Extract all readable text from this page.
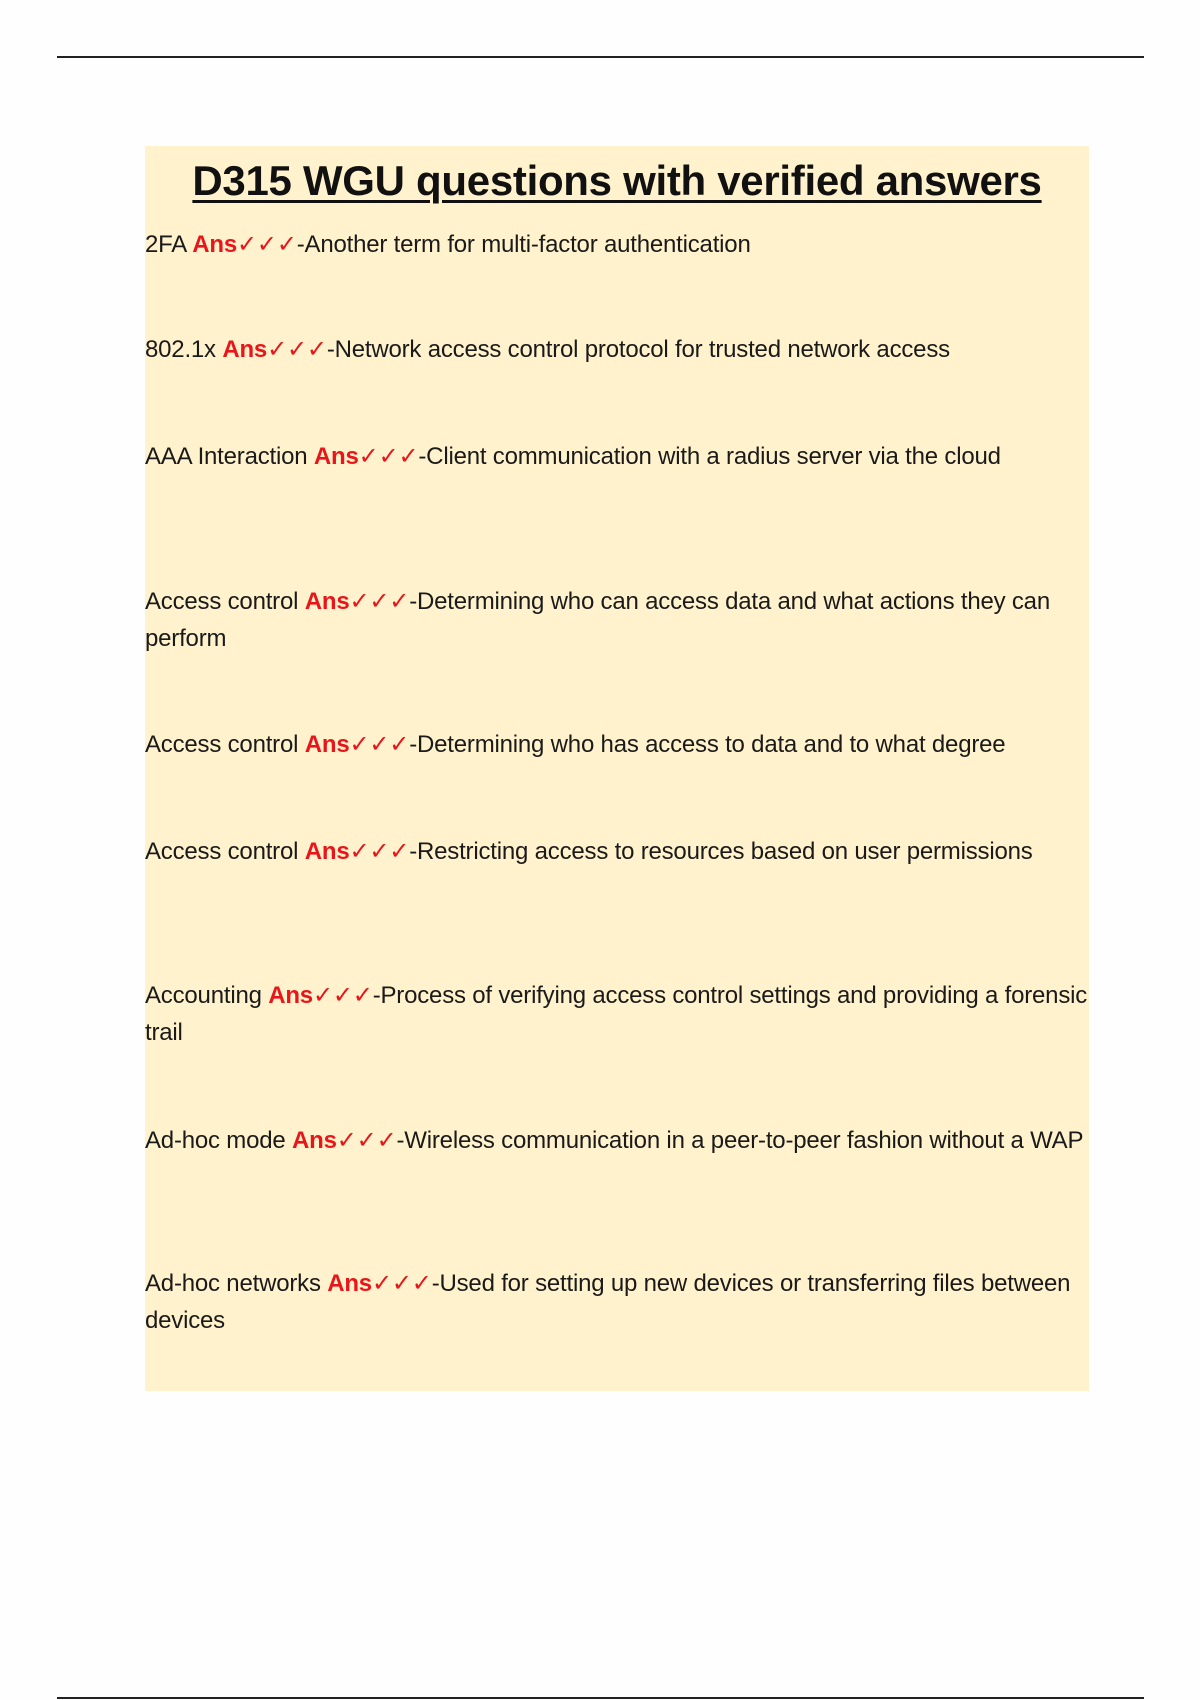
D315 WGU questions with verified answers
2FA Ans✓✓✓-Another term for multi-factor authentication
802.1x Ans✓✓✓-Network access control protocol for trusted network access
AAA Interaction Ans✓✓✓-Client communication with a radius server via the cloud
Access control Ans✓✓✓-Determining who can access data and what actions they can perform
Access control Ans✓✓✓-Determining who has access to data and to what degree
Access control Ans✓✓✓-Restricting access to resources based on user permissions
Accounting Ans✓✓✓-Process of verifying access control settings and providing a forensic trail
Ad-hoc mode Ans✓✓✓-Wireless communication in a peer-to-peer fashion without a WAP
Ad-hoc networks Ans✓✓✓-Used for setting up new devices or transferring files between devices
